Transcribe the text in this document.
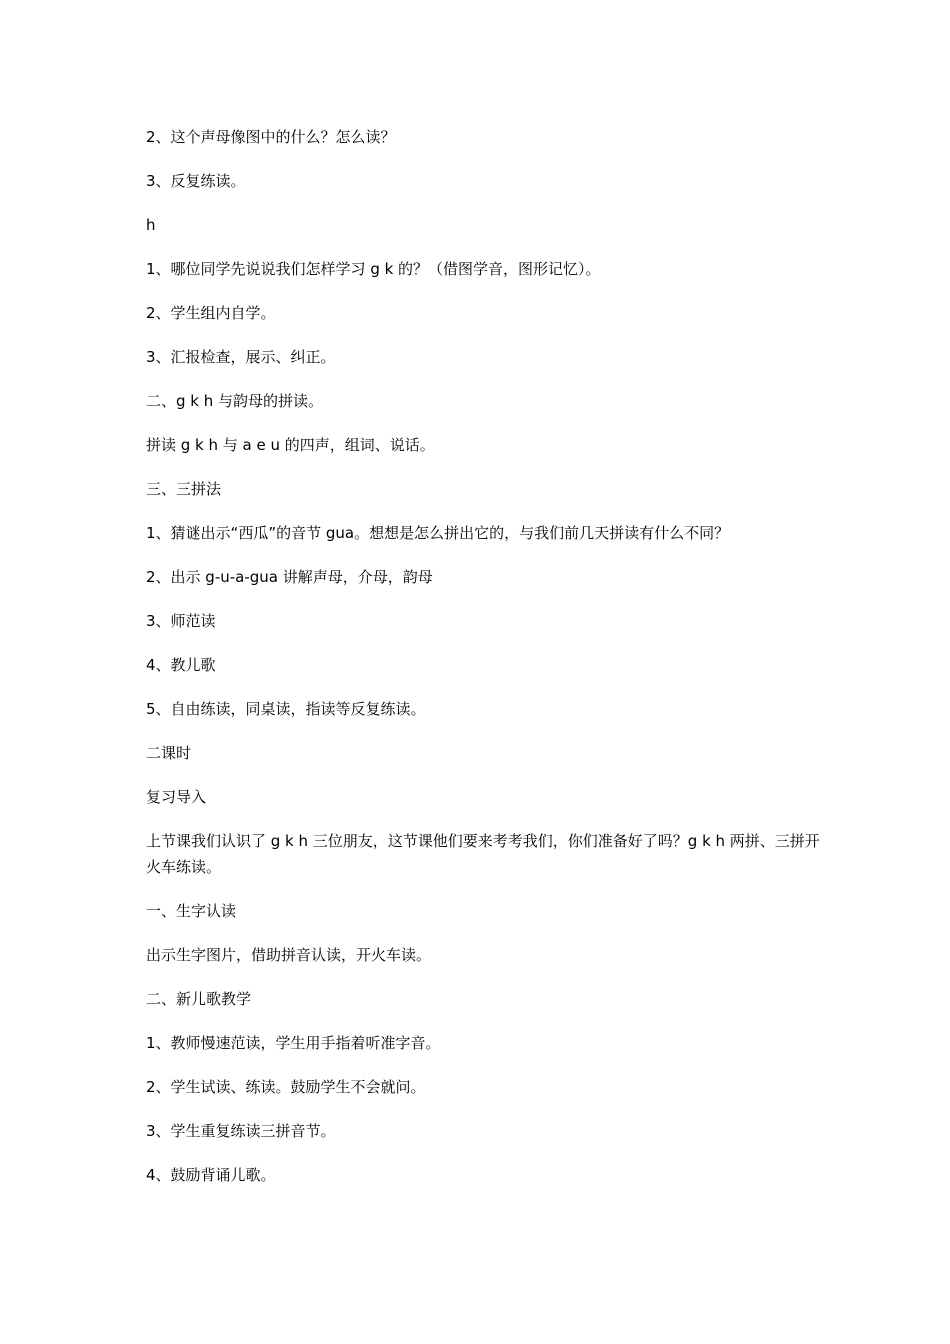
2、这个声母像图中的什么？怎么读？

3、反复练读。

h

1、哪位同学先说说我们怎样学习 g k 的？（借图学音，图形记忆）。

2、学生组内自学。

3、汇报检查，展示、纠正。

二、g k h 与韵母的拼读。

拼读 g k h 与 a e u 的四声，组词、说话。

三、三拼法

1、猜谜出示“西瓜”的音节 gua。想想是怎么拼出它的，与我们前几天拼读有什么不同？

2、出示 g-u-a-gua 讲解声母，介母，韵母

3、师范读

4、教儿歌

5、自由练读，同桌读，指读等反复练读。

二课时

复习导入

上节课我们认识了 g k h 三位朋友，这节课他们要来考考我们，你们准备好了吗？g k h 两拼、三拼开火车练读。

一、生字认读

出示生字图片，借助拼音认读，开火车读。

二、新儿歌教学

1、教师慢速范读，学生用手指着听准字音。

2、学生试读、练读。鼓励学生不会就问。

3、学生重复练读三拼音节。

4、鼓励背诵儿歌。
